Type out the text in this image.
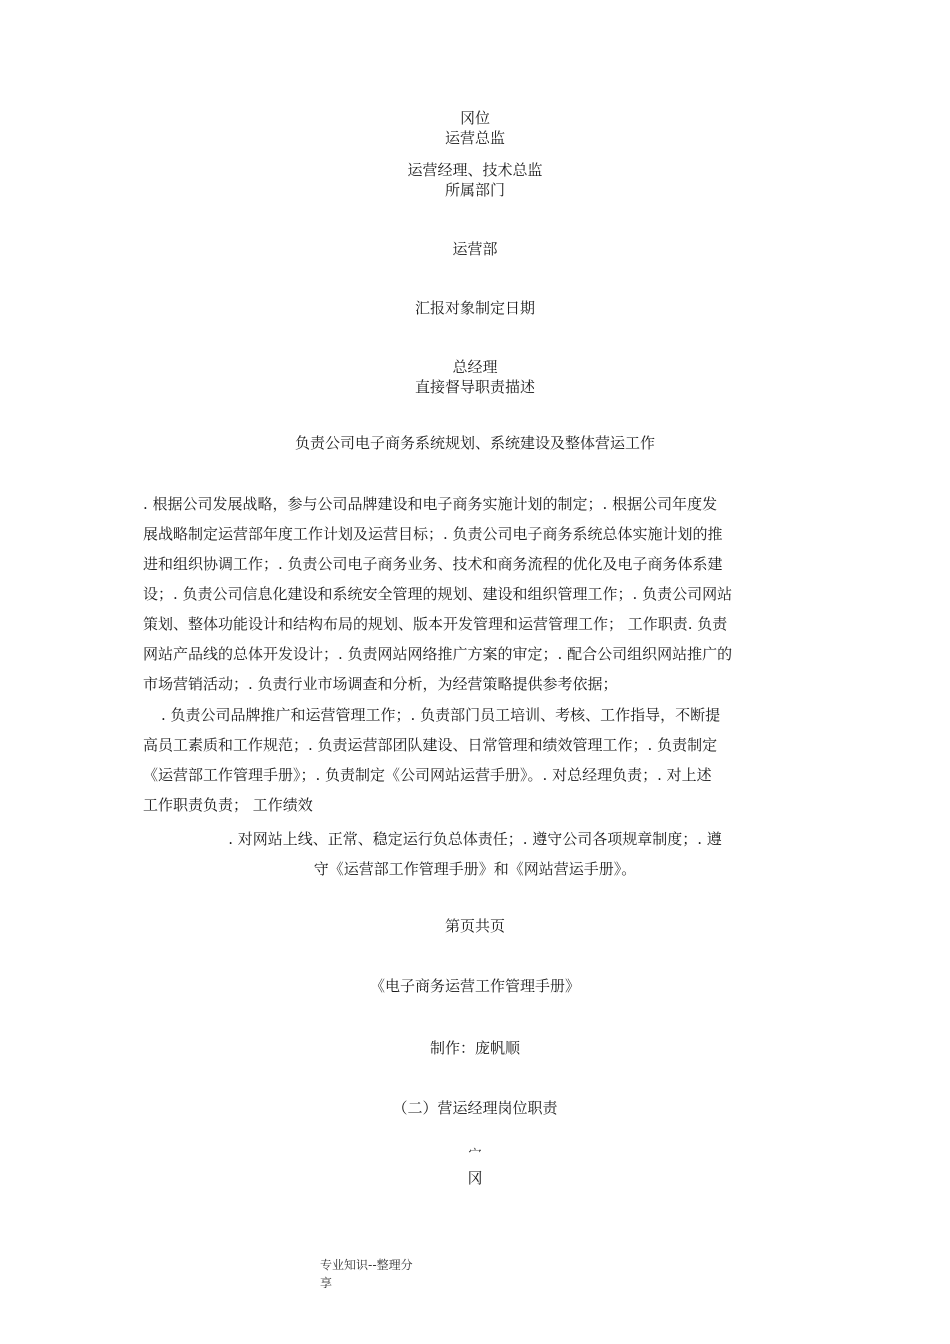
冈位
运营总监
运营经理、技术总监
所属部门
运营部
汇报对象制定日期
总经理
直接督导职责描述
负责公司电子商务系统规划、系统建设及整体营运工作
. 根据公司发展战略，参与公司品牌建设和电子商务实施计划的制定；. 根据公司年度发
展战略制定运营部年度工作计划及运营目标；. 负责公司电子商务系统总体实施计划的推
进和组织协调工作；. 负责公司电子商务业务、技术和商务流程的优化及电子商务体系建
设；. 负责公司信息化建设和系统安全管理的规划、建设和组织管理工作；. 负责公司网站
策划、整体功能设计和结构布局的规划、版本开发管理和运营管理工作； 工作职责. 负责
网站产品线的总体开发设计；. 负责网站网络推广方案的审定；. 配合公司组织网站推广的
市场营销活动；. 负责行业市场调查和分析，为经营策略提供参考依据；
. 负责公司品牌推广和运营管理工作；. 负责部门员工培训、考核、工作指导，不断提
高员工素质和工作规范；. 负责运营部团队建设、日常管理和绩效管理工作；. 负责制定
《运营部工作管理手册》；. 负责制定《公司网站运营手册》。. 对总经理负责；. 对上述
工作职责负责； 工作绩效
. 对网站上线、正常、稳定运行负总体责任；. 遵守公司各项规章制度；. 遵
守《运营部工作管理手册》和《网站营运手册》。
第页共页
《电子商务运营工作管理手册》
制作：庞帆顺
（二）营运经理岗位职责
宀
冈
专业知识--整理分
享
